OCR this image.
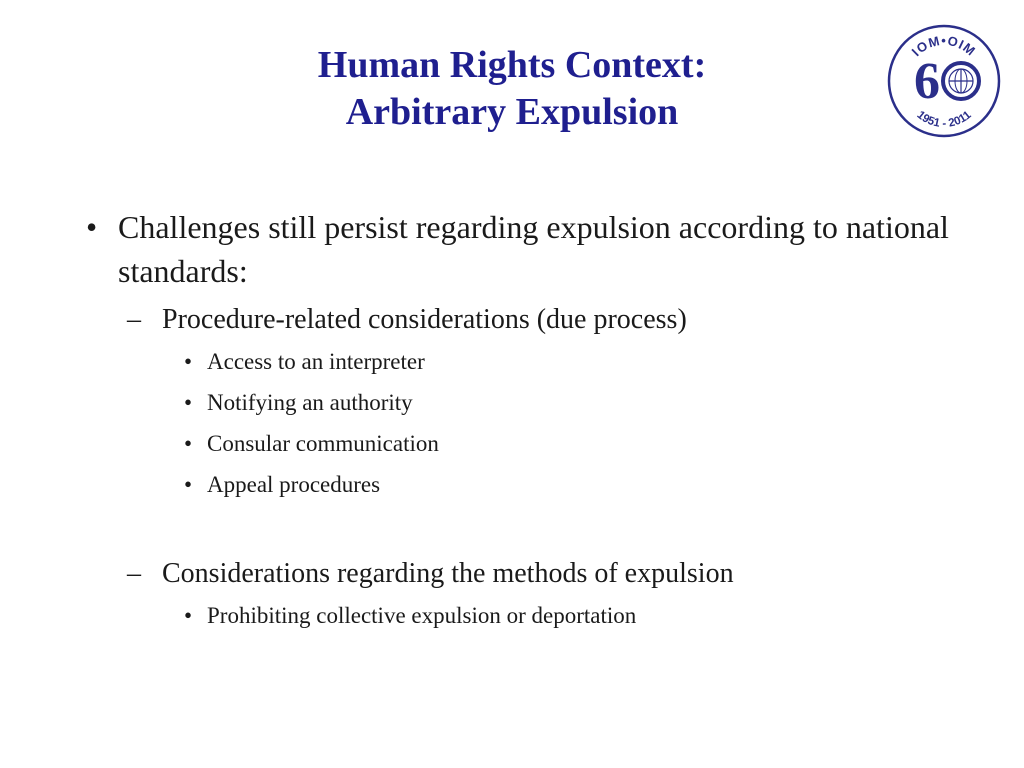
Human Rights Context:
Arbitrary Expulsion
IOM•OIM
6
1951 - 2011
• Challenges still persist regarding expulsion according to national standards:
– Procedure-related considerations (due process)
• Access to an interpreter
• Notifying an authority
• Consular communication
• Appeal procedures
– Considerations regarding the methods of expulsion
• Prohibiting collective expulsion or deportation
